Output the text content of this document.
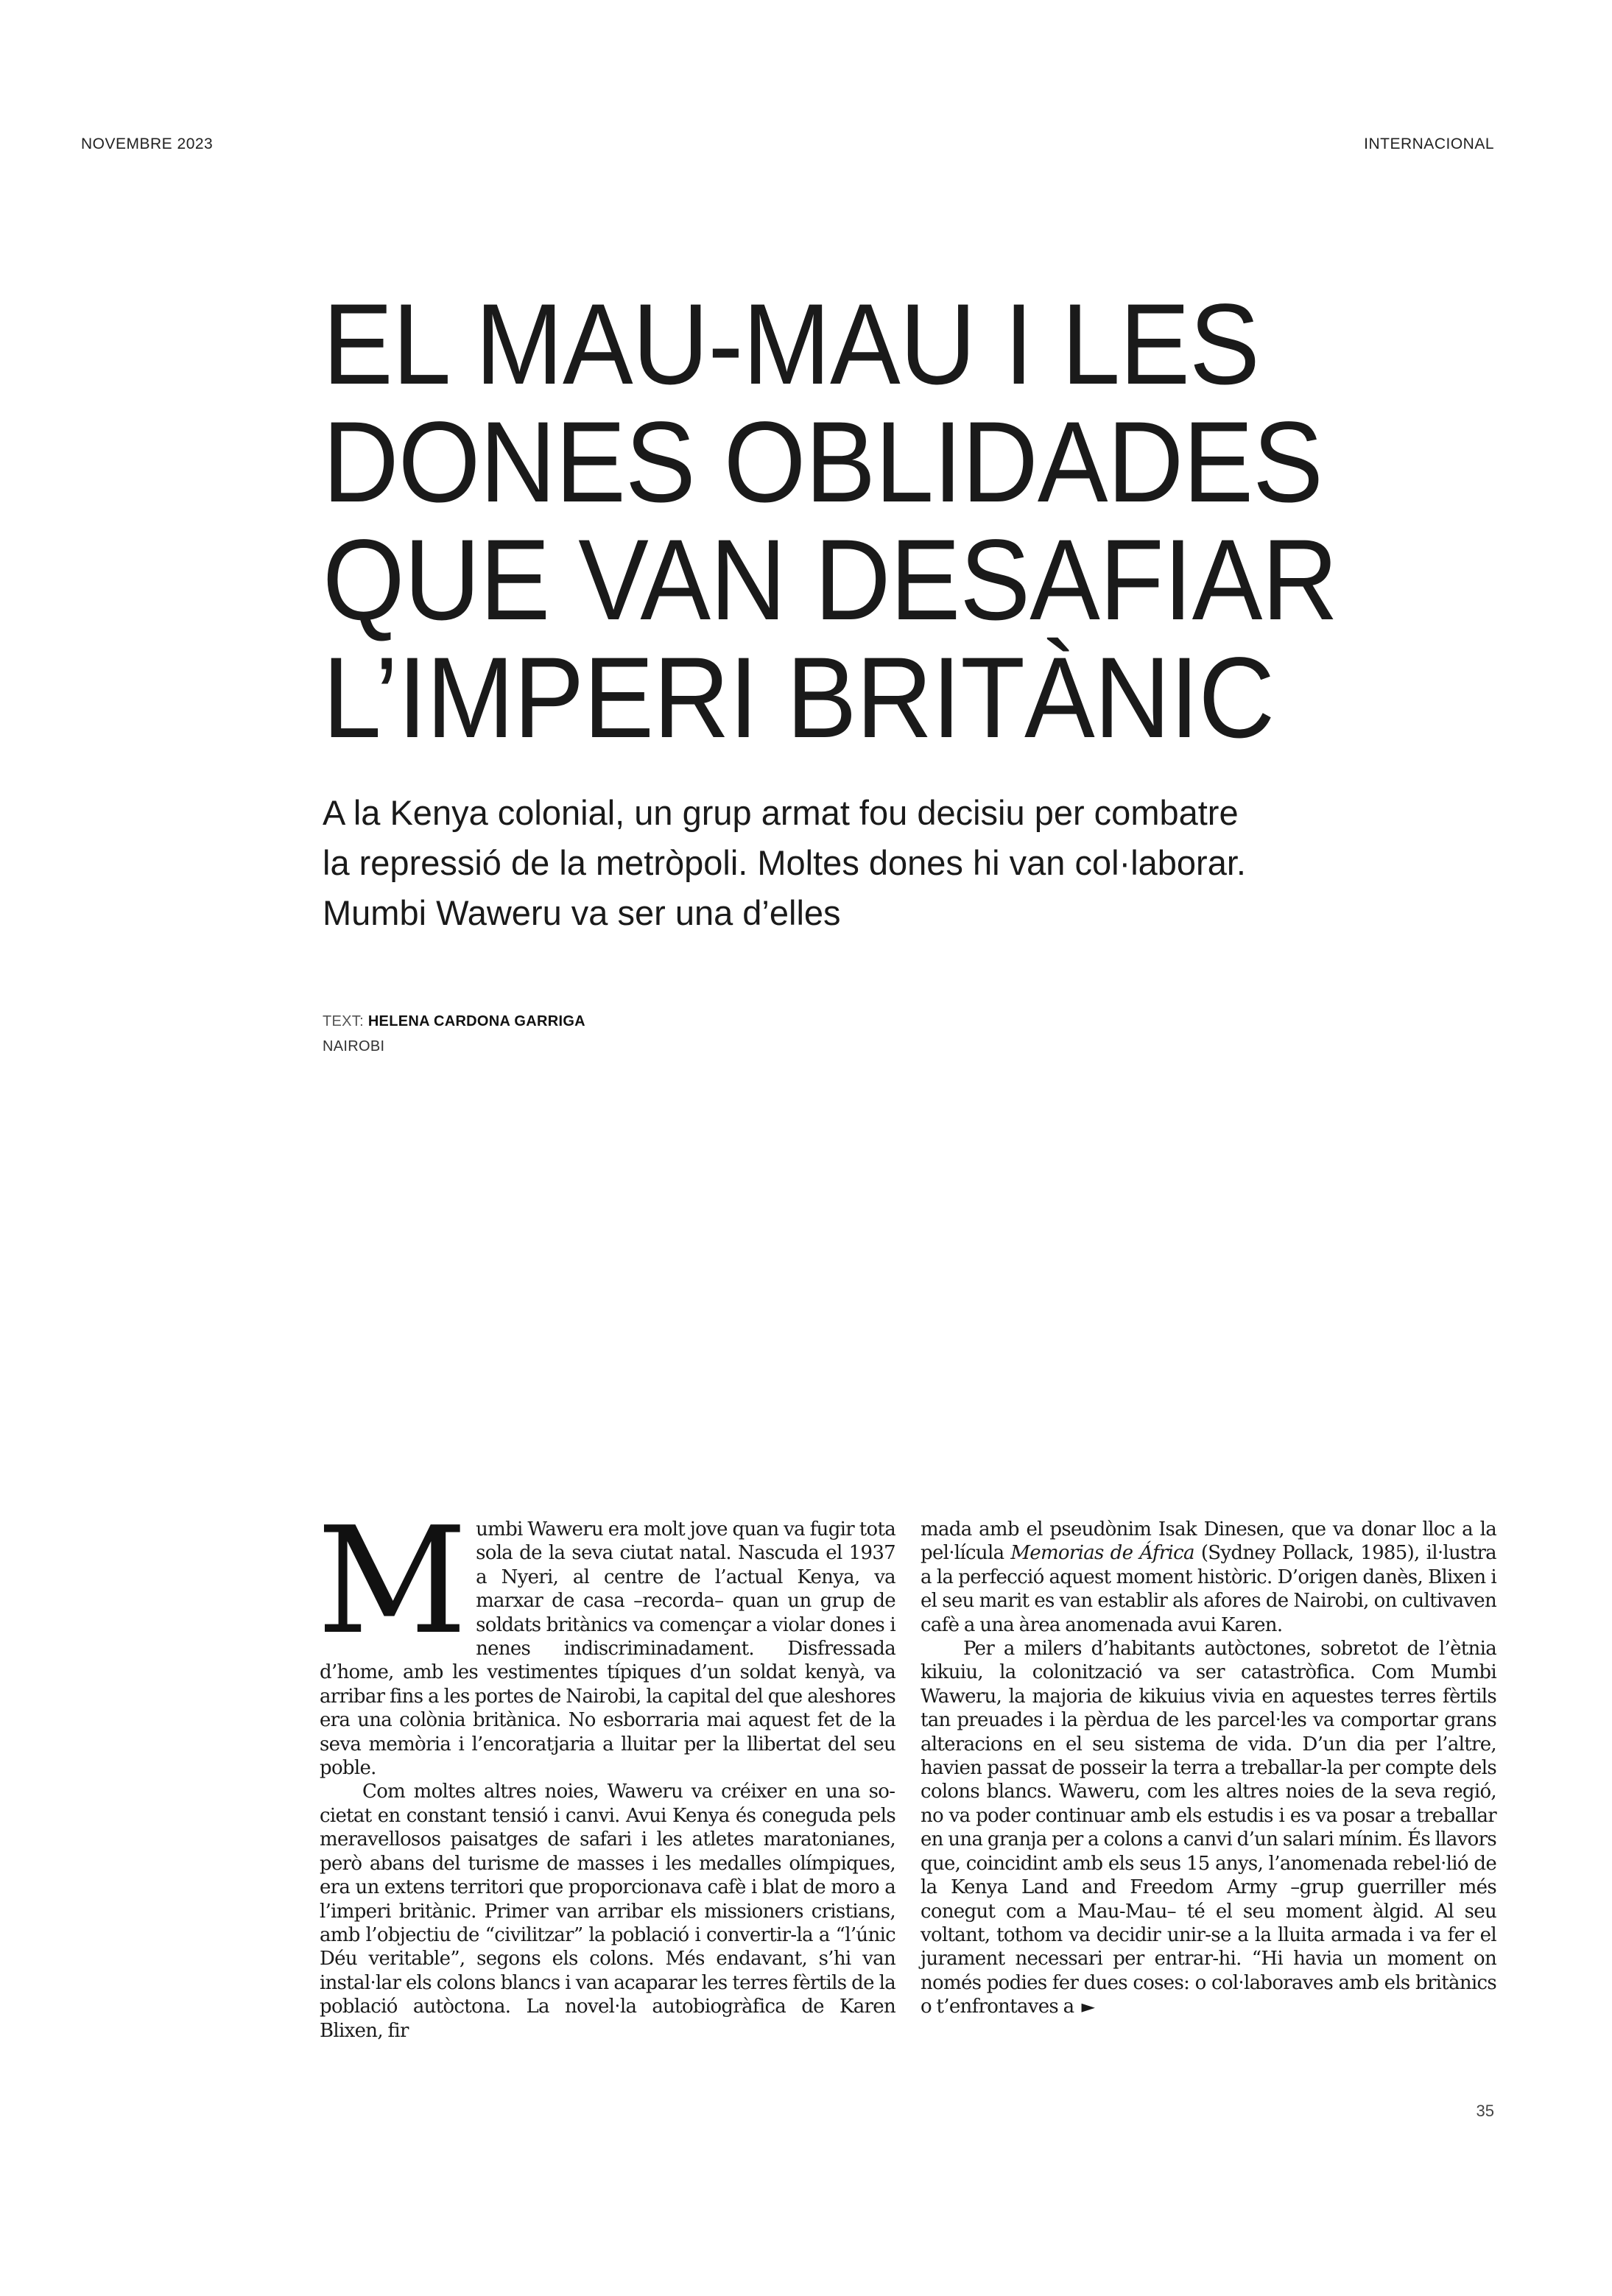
NOVEMBRE 2023	INTERNACIONAL
EL MAU-MAU I LES
DONES OBLIDADES
QUE VAN DESAFIAR
L’IMPERI BRITÀNIC

A la Kenya colonial, un grup armat fou decisiu per combatre
la repressió de la metròpoli. Moltes dones hi van col·laborar.
Mumbi Waweru va ser una d’elles

TEXT: HELENA CARDONA GARRIGA
NAIROBI

Mumbi Waweru era molt jove quan va fugir tota sola de la seva ciutat natal. Nascuda el 1937 a Nyeri, al centre de l’actual Kenya, va marxar de casa –recorda– quan un grup de soldats britànics va començar a violar dones i nenes indiscriminadament. Disfressada d’home, amb les vestimentes típiques d’un soldat kenyà, va arribar fins a les portes de Nairobi, la capital del que aleshores era una colònia britànica. No esborraria mai aquest fet de la seva memòria i l’encoratjaria a lluitar per la llibertat del seu poble.

Com moltes altres noies, Waweru va créixer en una societat en constant tensió i canvi. Avui Kenya és coneguda pels meravellosos paisatges de safari i les atletes maratonianes, però abans del turisme de masses i les medalles olímpiques, era un extens territori que proporcionava cafè i blat de moro a l’imperi britànic. Primer van arribar els missioners cristians, amb l’objectiu de “civilitzar” la població i convertir-la a “l’únic Déu veritable”, segons els colons. Més endavant, s’hi van instal·lar els colons blancs i van acaparar les terres fèrtils de la població autòctona. La novel·la autobiogràfica de Karen Blixen, fir

mada amb el pseudònim Isak Dinesen, que va donar lloc a la pel·lícula Memorias de África (Sydney Pollack, 1985), il·lustra a la perfecció aquest moment històric. D’origen danès, Blixen i el seu marit es van establir als afores de Nairobi, on cultivaven cafè a una àrea anomenada avui Karen.

Per a milers d’habitants autòctones, sobretot de l’ètnia kikuiu, la colonització va ser catastròfica. Com Mumbi Waweru, la majoria de kikuius vivia en aquestes terres fèrtils tan preuades i la pèrdua de les parcel·les va comportar grans alteracions en el seu sistema de vida. D’un dia per l’altre, havien passat de posseir la terra a treballar-la per compte dels colons blancs. Waweru, com les altres noies de la seva regió, no va poder continuar amb els estudis i es va posar a treballar en una granja per a colons a canvi d’un salari mínim. És llavors que, coincidint amb els seus 15 anys, l’anomenada rebel·lió de la Kenya Land and Freedom Army –grup guerriller més conegut com a Mau-Mau– té el seu moment àlgid. Al seu voltant, tothom va decidir unir-se a la lluita armada i va fer el jurament necessari per entrar-hi. “Hi havia un moment on només podies fer dues coses: o col·laboraves amb els britànics o t’enfrontaves a ►

35
